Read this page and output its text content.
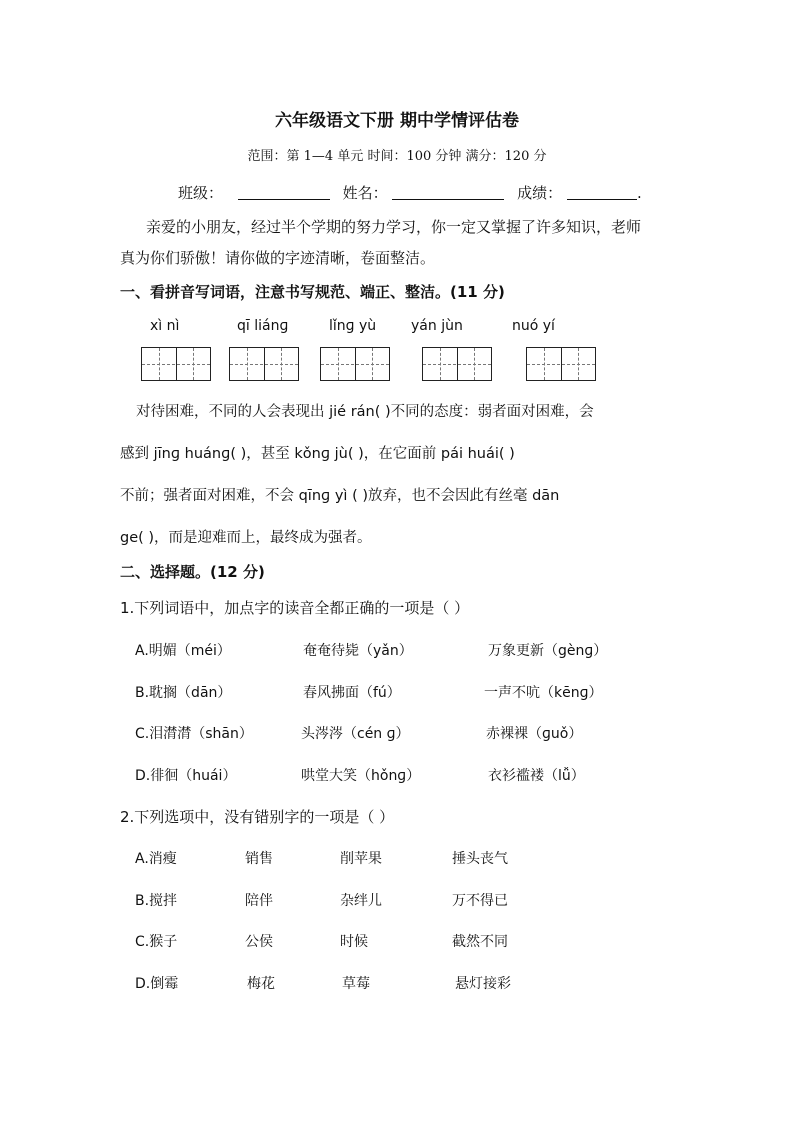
六年级语文下册 期中学情评估卷
范围：第 1—4 单元 时间：100 分钟 满分：120 分
班级：	姓名：	成绩：	.
亲爱的小朋友，经过半个学期的努力学习，你一定又掌握了许多知识，老师
真为你们骄傲！请你做的字迹清晰，卷面整洁。
一、看拼音写词语，注意书写规范、端正、整洁。(11 分)
xì nì	qī liánɡ	lǐnɡ yù yán jùn	nuó yí
对待困难，不同的人会表现出 jié rán( )不同的态度：弱者面对困难，会
感到 jīnɡ huánɡ( )，甚至 kǒnɡ jù( )，在它面前 pái huái( )
不前；强者面对困难，不会 qīnɡ yì ( )放弃，也不会因此有丝毫 dān
ge( )，而是迎难而上，最终成为强者。
二、选择题。(12 分)
1.下列词语中，加点字的读音全都正确的一项是（ ）
A.明媚（méi）	奄奄待毙（yǎn）	万象更新（gènɡ）
B.耽搁（dān）	春风拂面（fú）	一声不吭（kēnɡ）
C.泪潸潸（shān）	头涔涔（cén ɡ）	赤裸裸（ɡuǒ）
D.徘徊（huái）	哄堂大笑（hǒnɡ）	衣衫褴褛（lǚ）
2.下列选项中，没有错别字的一项是（ ）
A.消瘦	销售	削苹果	捶头丧气
B.搅拌	陪伴	杂绊儿	万不得已
C.猴子	公侯	时候	截然不同
D.倒霉	梅花	草莓	悬灯接彩
